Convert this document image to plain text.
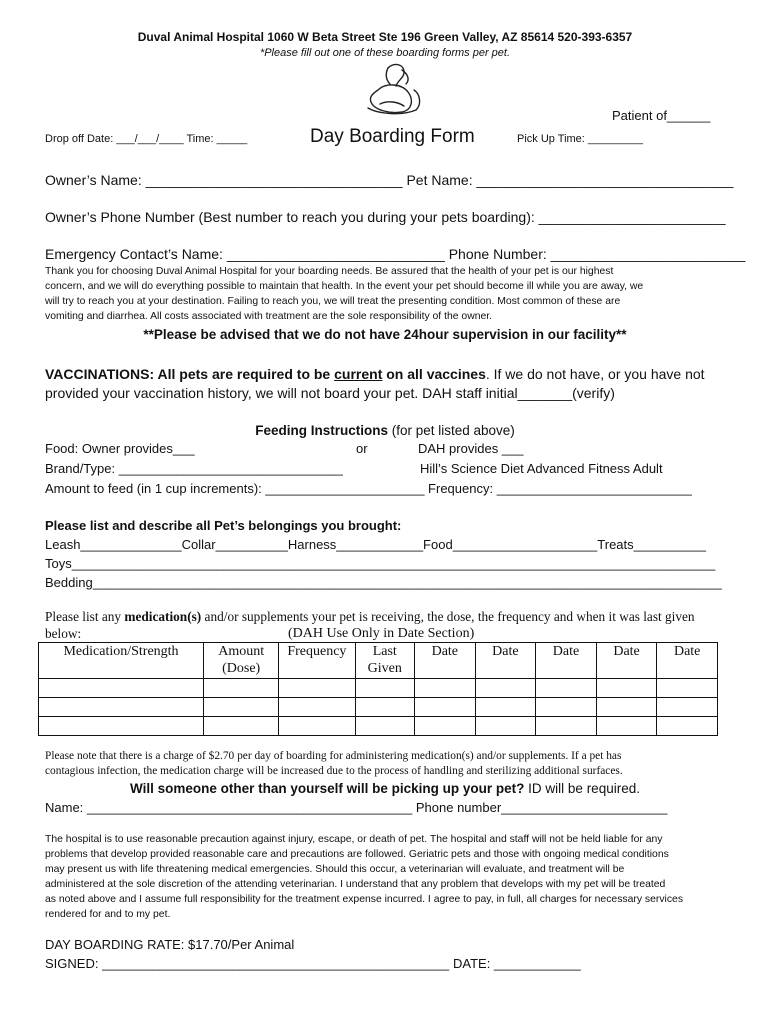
Duval Animal Hospital 1060 W Beta Street Ste 196 Green Valley, AZ 85614 520-393-6357
*Please fill out one of these boarding forms per pet.
Patient of______
Drop off Date: ___/___/____ Time: _____	Day Boarding Form	Pick Up Time: _________
Owner’s Name: _________________________________ Pet Name: _________________________________
Owner’s Phone Number (Best number to reach you during your pets boarding): ________________________
Emergency Contact’s Name: ____________________________ Phone Number: _________________________
Thank you for choosing Duval Animal Hospital for your boarding needs. Be assured that the health of your pet is our highest
concern, and we will do everything possible to maintain that health. In the event your pet should become ill while you are away, we
will try to reach you at your destination. Failing to reach you, we will treat the presenting condition. Most common of these are
vomiting and diarrhea. All costs associated with treatment are the sole responsibility of the owner.
**Please be advised that we do not have 24hour supervision in our facility**
VACCINATIONS: All pets are required to be current on all vaccines. If we do not have, or you have not
provided your vaccination history, we will not board your pet. DAH staff initial_______(verify)
Feeding Instructions (for pet listed above)
Food: Owner provides___	or	DAH provides ___
Brand/Type: _______________________________	Hill’s Science Diet Advanced Fitness Adult
Amount to feed (in 1 cup increments): ______________________ Frequency: ___________________________
Please list and describe all Pet’s belongings you brought:
Leash______________Collar__________Harness____________Food____________________Treats__________
Toys_________________________________________________________________________________________
Bedding_______________________________________________________________________________________
Please list any medication(s) and/or supplements your pet is receiving, the dose, the frequency and when it was last given
below:	(DAH Use Only in Date Section)
Medication/Strength	Amount (Dose)	Frequency	Last Given	Date	Date	Date	Date	Date

Please note that there is a charge of $2.70 per day of boarding for administering medication(s) and/or supplements. If a pet has
contagious infection, the medication charge will be increased due to the process of handling and sterilizing additional surfaces.
Will someone other than yourself will be picking up your pet? ID will be required.
Name: _____________________________________________ Phone number_______________________
The hospital is to use reasonable precaution against injury, escape, or death of pet. The hospital and staff will not be held liable for any
problems that develop provided reasonable care and precautions are followed. Geriatric pets and those with ongoing medical conditions
may present us with life threatening medical emergencies. Should this occur, a veterinarian will evaluate, and treatment will be
administered at the sole discretion of the attending veterinarian. I understand that any problem that develops with my pet will be treated
as noted above and I assume full responsibility for the treatment expense incurred. I agree to pay, in full, all charges for necessary services
rendered for and to my pet.
DAY BOARDING RATE: $17.70/Per Animal
SIGNED: ________________________________________________ DATE: ____________
